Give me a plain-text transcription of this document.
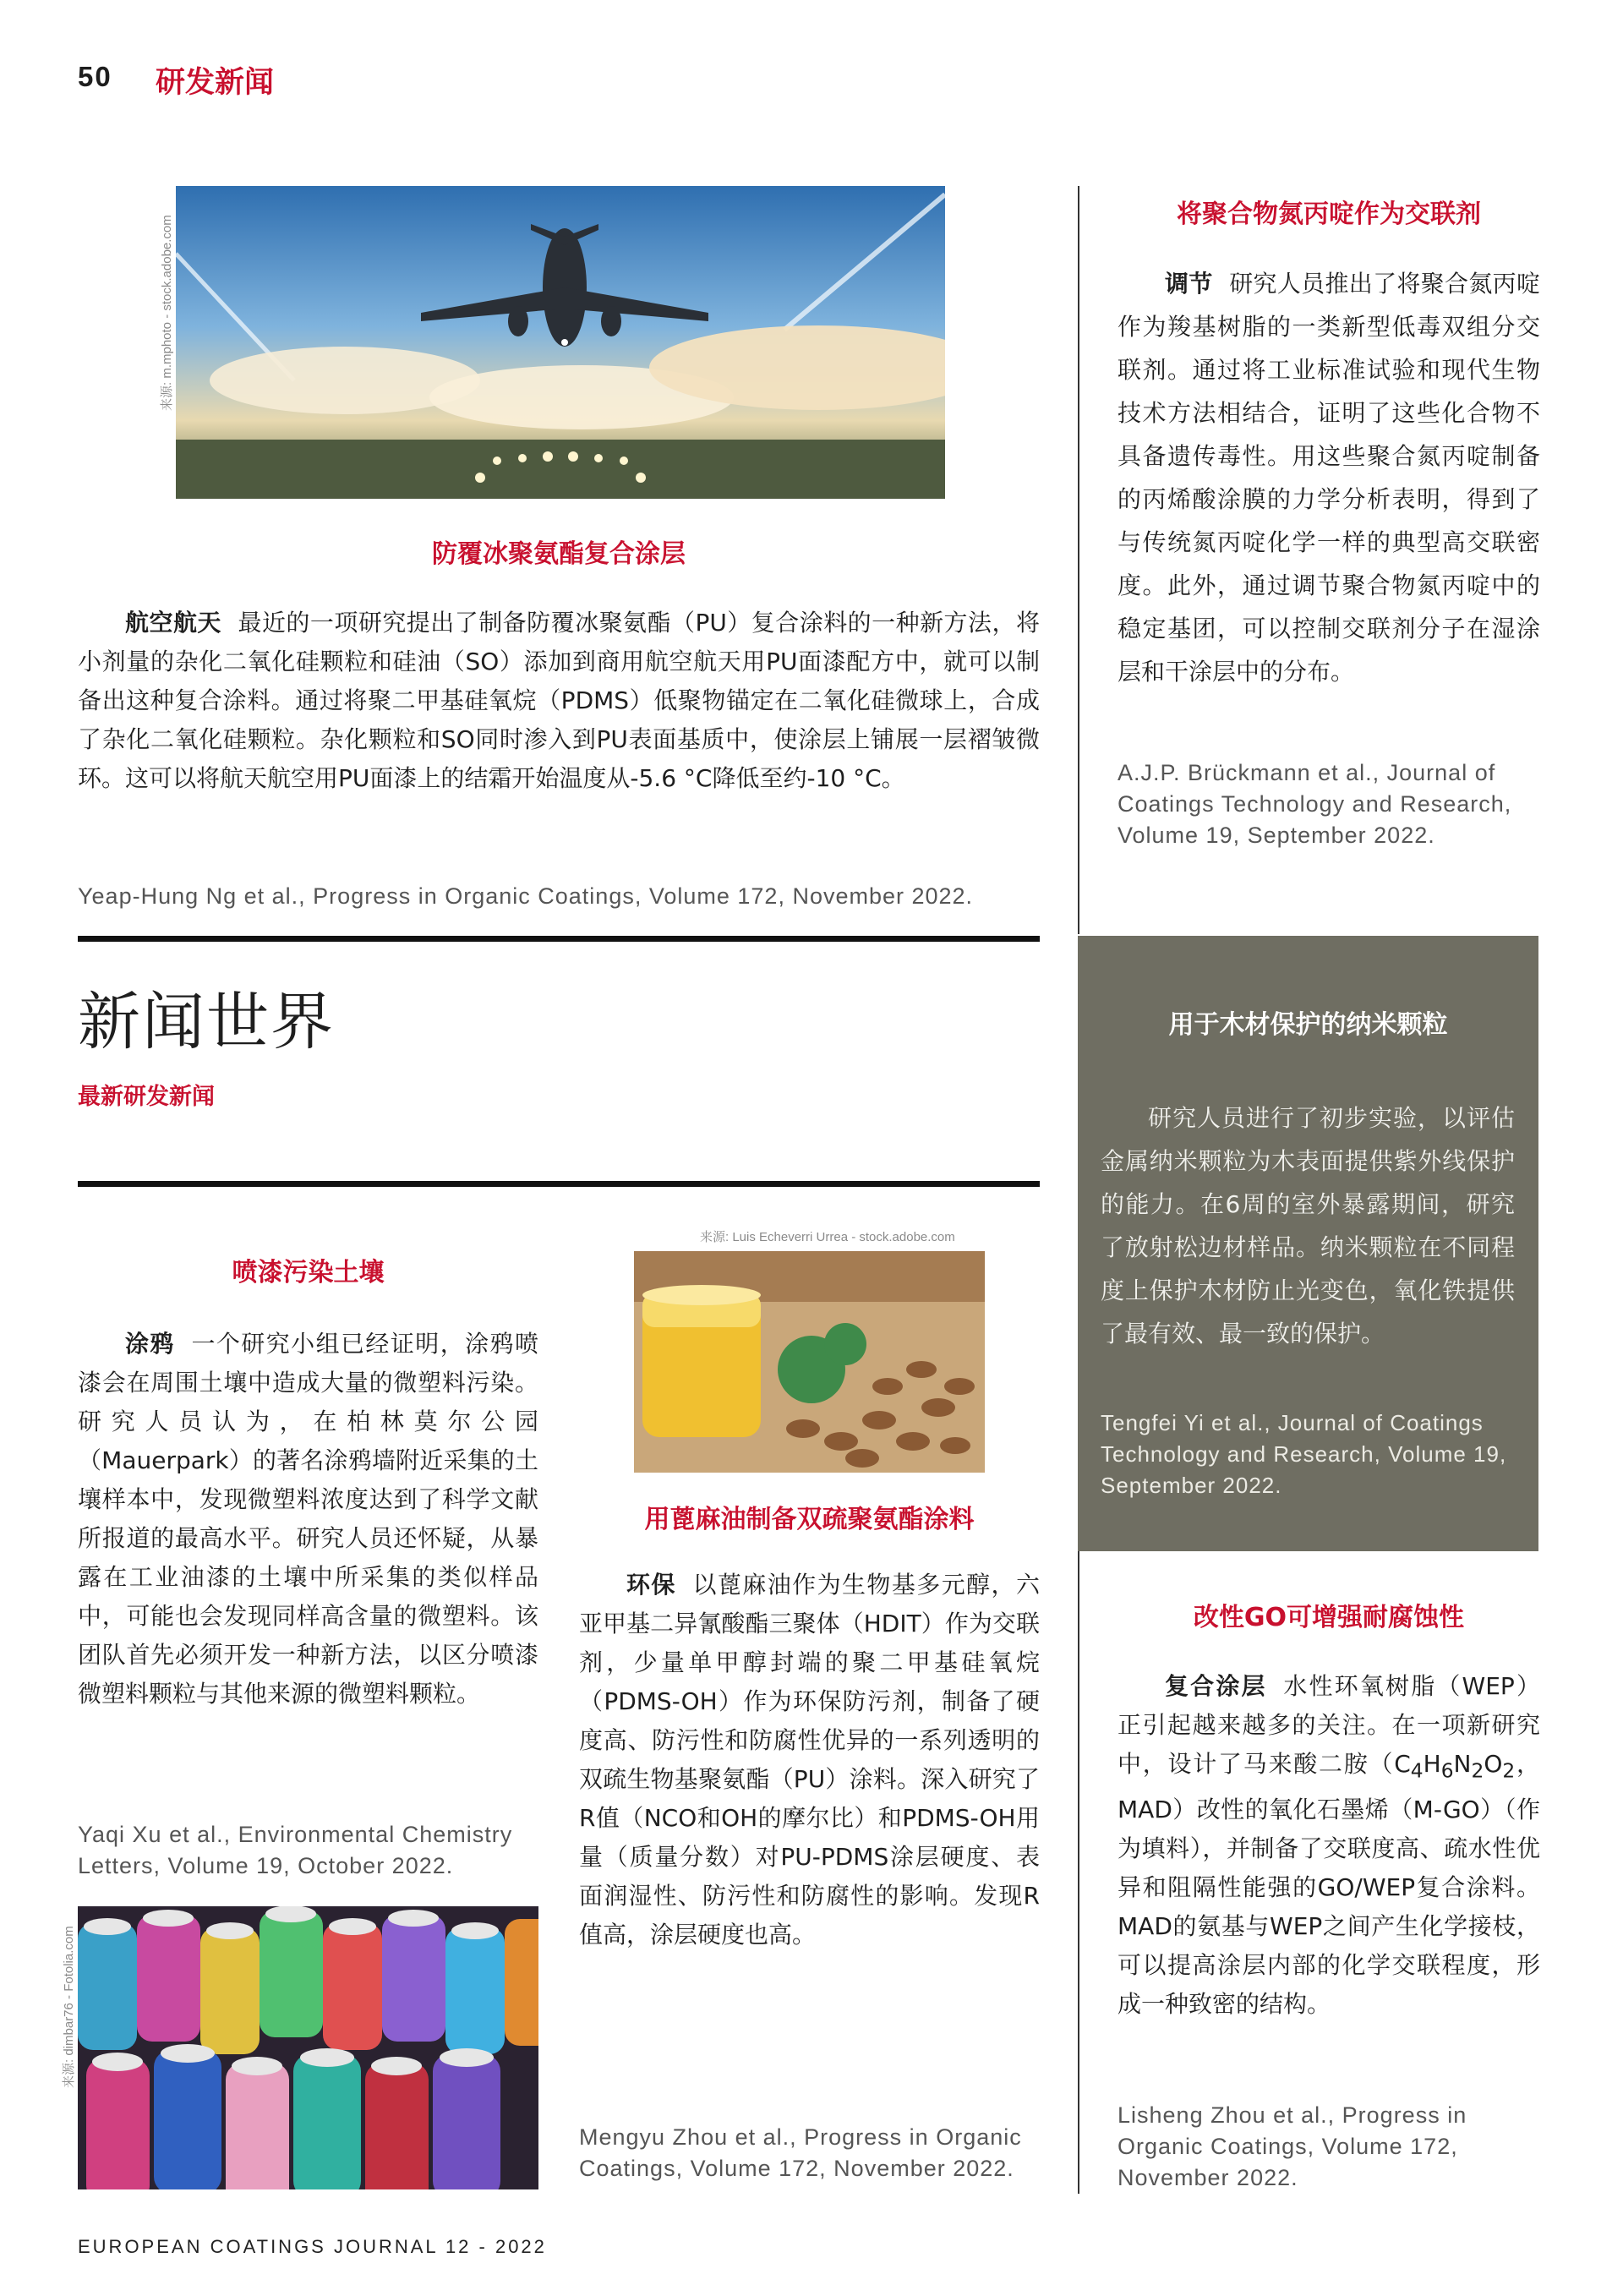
50 研发新闻
来源: m.mphoto - stock.adobe.com
防覆冰聚氨酯复合涂层

航空航天 最近的一项研究提出了制备防覆冰聚氨酯（PU）复合涂料的一种新方法，将小剂量的杂化二氧化硅颗粒和硅油（SO）添加到商用航空航天用PU面漆配方中，就可以制备出这种复合涂料。通过将聚二甲基硅氧烷（PDMS）低聚物锚定在二氧化硅微球上，合成了杂化二氧化硅颗粒。杂化颗粒和SO同时渗入到PU表面基质中，使涂层上铺展一层褶皱微环。这可以将航天航空用PU面漆上的结霜开始温度从-5.6 °C降低至约-10 °C。

Yeap-Hung Ng et al., Progress in Organic Coatings, Volume 172, November 2022.

将聚合物氮丙啶作为交联剂

调节 研究人员推出了将聚合氮丙啶作为羧基树脂的一类新型低毒双组分交联剂。通过将工业标准试验和现代生物技术方法相结合，证明了这些化合物不具备遗传毒性。用这些聚合氮丙啶制备的丙烯酸涂膜的力学分析表明，得到了与传统氮丙啶化学一样的典型高交联密度。此外，通过调节聚合物氮丙啶中的稳定基团，可以控制交联剂分子在湿涂层和干涂层中的分布。

A.J.P. Brückmann et al., Journal of Coatings Technology and Research, Volume 19, September 2022.

新闻世界
最新研发新闻
用于木材保护的纳米颗粒

研究人员进行了初步实验，以评估金属纳米颗粒为木表面提供紫外线保护的能力。在6周的室外暴露期间，研究了放射松边材样品。纳米颗粒在不同程度上保护木材防止光变色，氧化铁提供了最有效、最一致的保护。

Tengfei Yi et al., Journal of Coatings Technology and Research, Volume 19, September 2022.

喷漆污染土壤

涂鸦 一个研究小组已经证明，涂鸦喷漆会在周围土壤中造成大量的微塑料污染。研究人员认为，在柏林莫尔公园（Mauerpark）的著名涂鸦墙附近采集的土壤样本中，发现微塑料浓度达到了科学文献所报道的最高水平。研究人员还怀疑，从暴露在工业油漆的土壤中所采集的类似样品中，可能也会发现同样高含量的微塑料。该团队首先必须开发一种新方法，以区分喷漆微塑料颗粒与其他来源的微塑料颗粒。

Yaqi Xu et al., Environmental Chemistry Letters, Volume 19, October 2022.

来源: dimbar76 - Fotolia.com
来源: Luis Echeverri Urrea - stock.adobe.com
用蓖麻油制备双疏聚氨酯涂料

环保 以蓖麻油作为生物基多元醇，六亚甲基二异氰酸酯三聚体（HDIT）作为交联剂，少量单甲醇封端的聚二甲基硅氧烷（PDMS-OH）作为环保防污剂，制备了硬度高、防污性和防腐性优异的一系列透明的双疏生物基聚氨酯（PU）涂料。深入研究了R值（NCO和OH的摩尔比）和PDMS-OH用量（质量分数）对PU-PDMS涂层硬度、表面润湿性、防污性和防腐性的影响。发现R值高，涂层硬度也高。

Mengyu Zhou et al., Progress in Organic Coatings, Volume 172, November 2022.

改性GO可增强耐腐蚀性

复合涂层 水性环氧树脂（WEP）正引起越来越多的关注。在一项新研究中，设计了马来酸二胺（$C_4H_6N_2O_2$，MAD）改性的氧化石墨烯（M-GO）（作为填料），并制备了交联度高、疏水性优异和阻隔性能强的GO/WEP复合涂料。MAD的氨基与WEP之间产生化学接枝，可以提高涂层内部的化学交联程度，形成一种致密的结构。

Lisheng Zhou et al., Progress in Organic Coatings, Volume 172, November 2022.

EUROPEAN COATINGS JOURNAL 12 - 2022
